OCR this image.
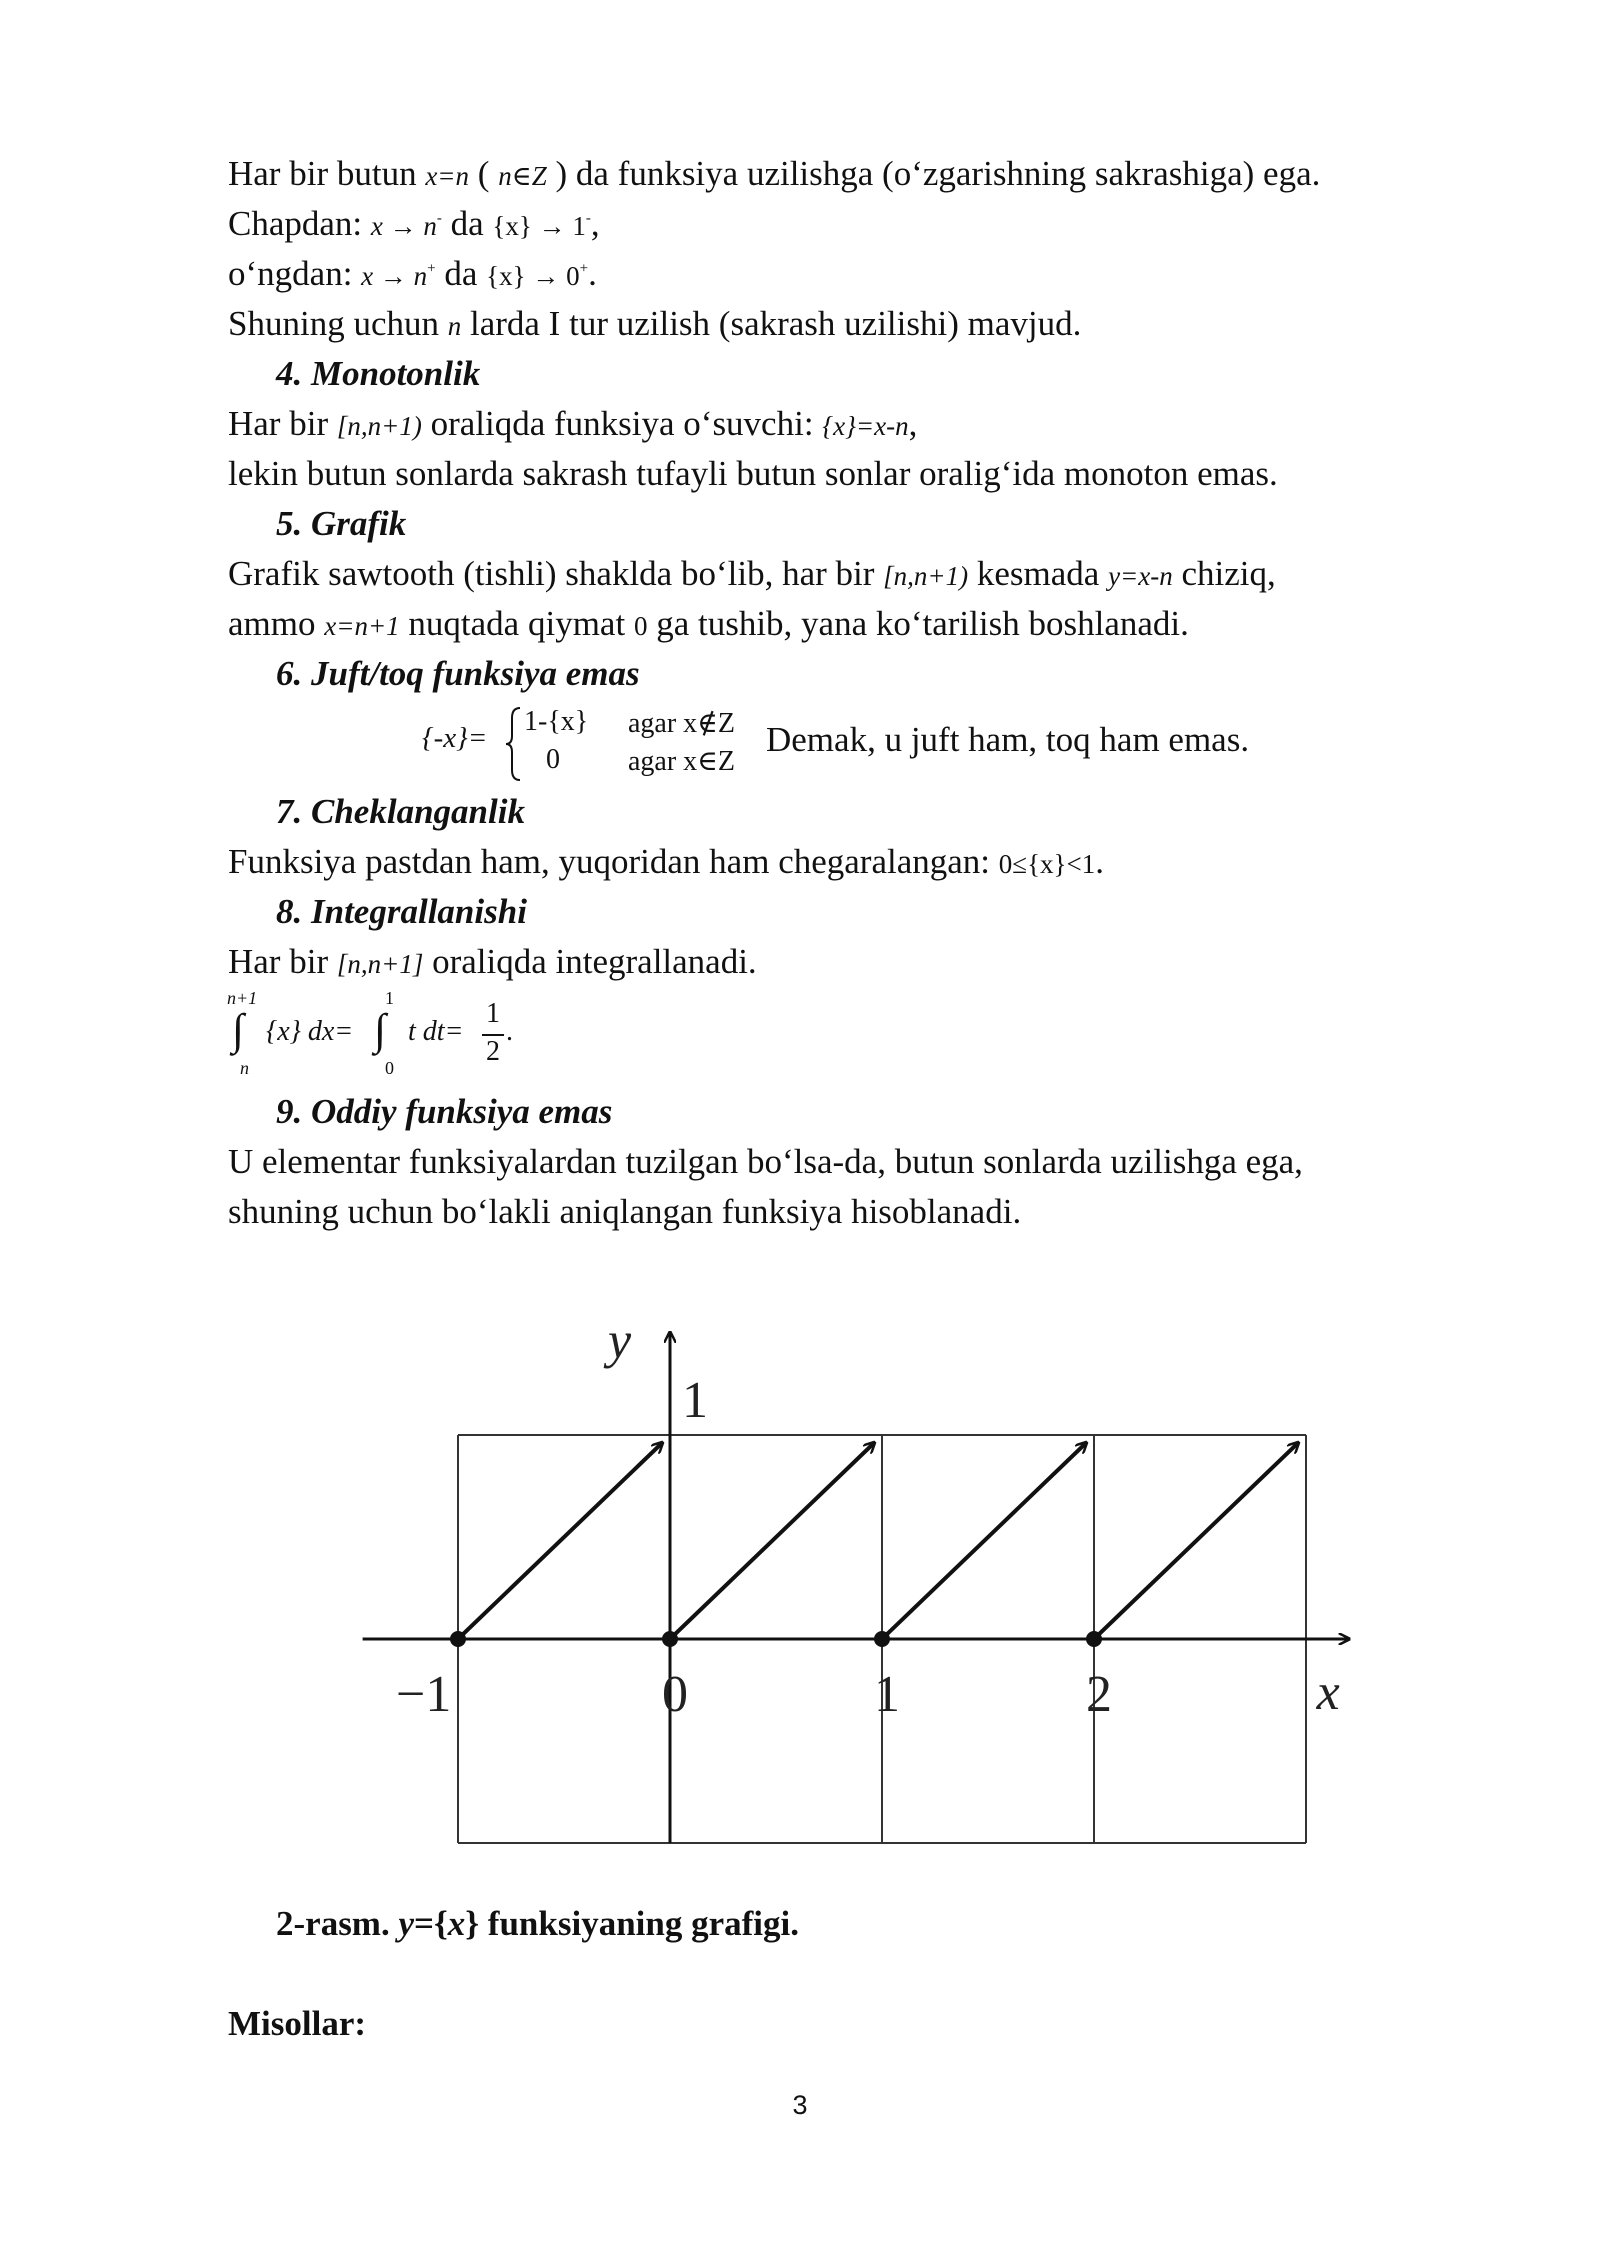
Har bir butun x=n ( n∈Z ) da funksiya uzilishga (o‘zgarishning sakrashiga) ega.
Chapdan: x → n- da {x} → 1-,
o‘ngdan: x → n+ da {x} → 0+.
Shuning uchun n larda I tur uzilish (sakrash uzilishi) mavjud.
4. Monotonlik
Har bir [n,n+1) oraliqda funksiya o‘suvchi: {x}=x-n,
lekin butun sonlarda sakrash tufayli butun sonlar oralig‘ida monoton emas.
5. Grafik
Grafik sawtooth (tishli) shaklda bo‘lib, har bir [n,n+1) kesmada y=x-n chiziq,
ammo x=n+1 nuqtada qiymat 0 ga tushib, yana ko‘tarilish boshlanadi.
6. Juft/toq funksiya emas
{-x}=
1-{x}
0
agar x∉Z
agar x∈Z
Demak, u juft ham, toq ham emas.
7. Cheklanganlik
Funksiya pastdan ham, yuqoridan ham chegaralangan: 0≤{x}<1.
8. Integrallanishi
Har bir [n,n+1] oraliqda integrallanadi.
n+1
∫
n
{x} dx=
1
∫
0
t dt=
1
2
.
9. Oddiy funksiya emas
U elementar funksiyalardan tuzilgan bo‘lsa-da, butun sonlarda uzilishga ega,
shuning uchun bo‘lakli aniqlangan funksiya hisoblanadi.
y
x
1
−1	0	1	2
2-rasm. y={x} funksiyaning grafigi.
Misollar:
3
